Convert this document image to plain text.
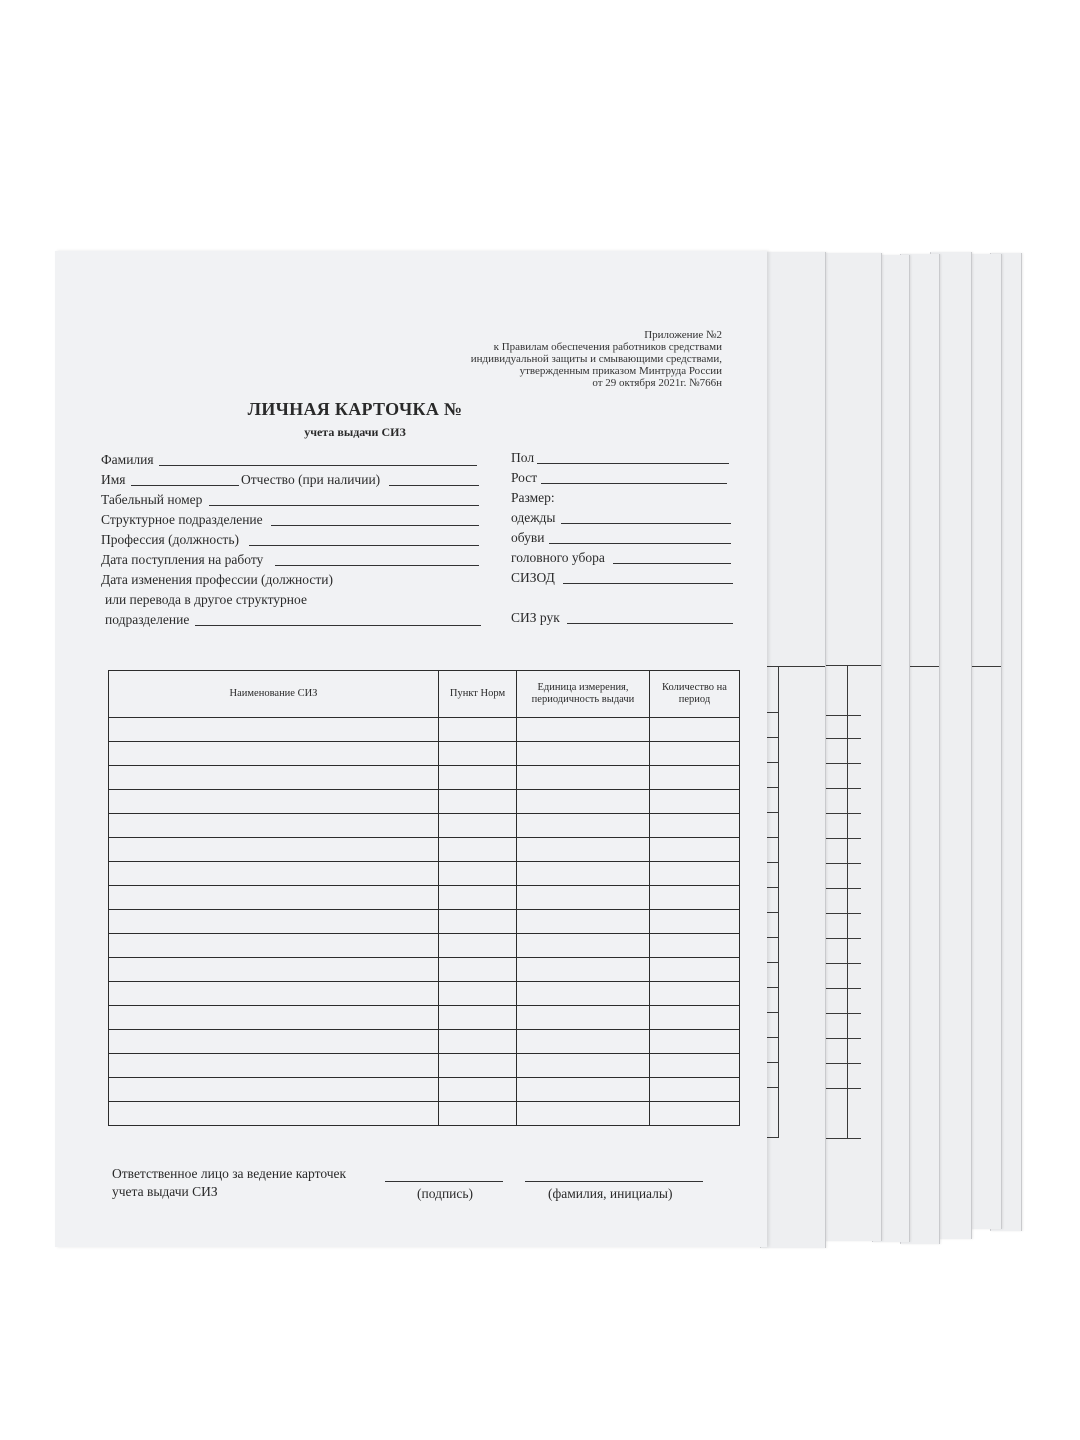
Приложение №2
к Правилам обеспечения работников средствами
индивидуальной защиты и смывающими средствами,
утвержденным приказом Минтруда России
от 29 октября 2021г. №766н
ЛИЧНАЯ КАРТОЧКА №
учета выдачи СИЗ
Фамилия
Имя	Отчество (при наличии)
Табельный номер
Структурное подразделение
Профессия (должность)
Дата поступления на работу
Дата изменения профессии (должности)
или перевода в другое структурное
подразделение
Пол
Рост
Размер:
одежды
обуви
головного убора
СИЗОД
СИЗ рук
Наименование СИЗ	Пункт Норм	Единица измерения, периодичность выдачи	Количество на период

Ответственное лицо за ведение карточек
учета выдачи СИЗ	(подпись)	(фамилия, инициалы)
